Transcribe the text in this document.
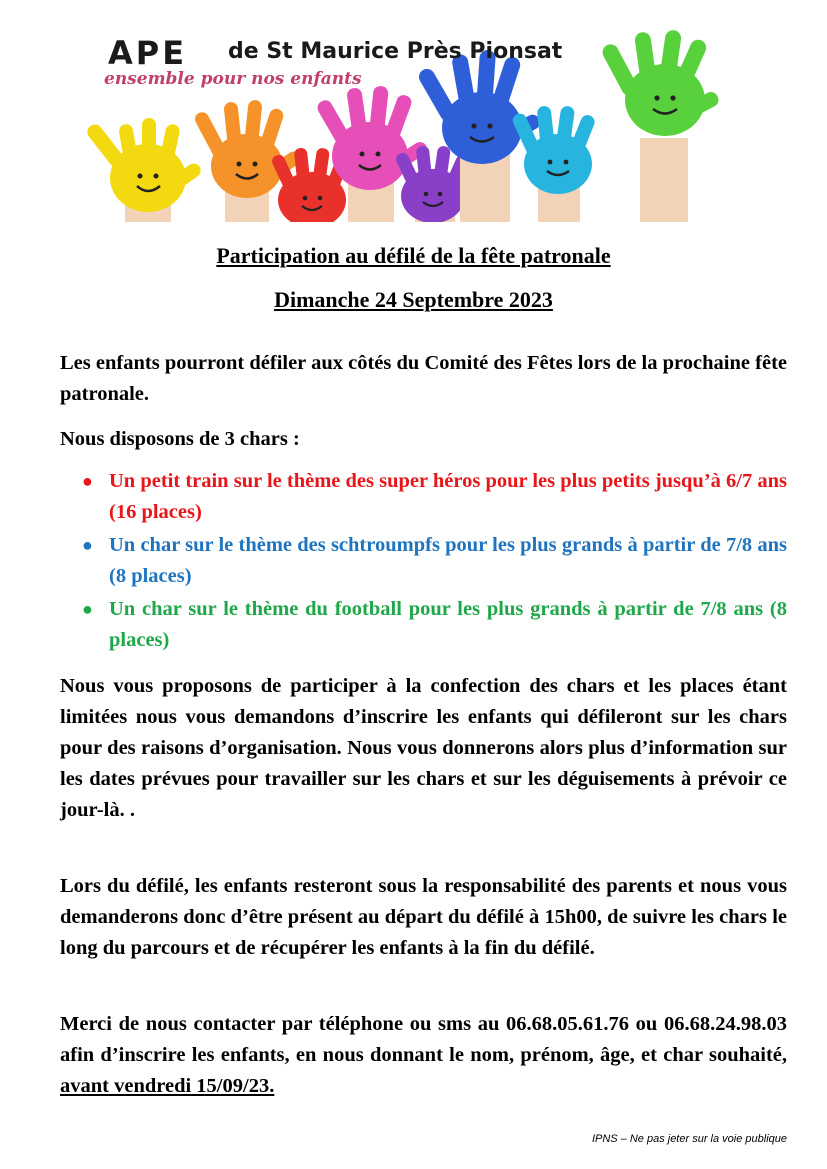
APE de St Maurice Près Pionsat
ensemble pour nos enfants
Participation au défilé de la fête patronale
Dimanche 24 Septembre 2023

Les enfants pourront défiler aux côtés du Comité des Fêtes lors de la prochaine fête patronale.

Nous disposons de 3 chars :

● Un petit train sur le thème des super héros pour les plus petits jusqu’à 6/7 ans (16 places)
● Un char sur le thème des schtroumpfs pour les plus grands à partir de 7/8 ans (8 places)
● Un char sur le thème du football pour les plus grands à partir de 7/8 ans (8 places)

Nous vous proposons de participer à la confection des chars et les places étant limitées nous vous demandons d’inscrire les enfants qui défileront sur les chars pour des raisons d’organisation. Nous vous donnerons alors plus d’information sur les dates prévues pour travailler sur les chars et sur les déguisements à prévoir ce jour-là. .

Lors du défilé, les enfants resteront sous la responsabilité des parents et nous vous demanderons donc d’être présent au départ du défilé à 15h00, de suivre les chars le long du parcours et de récupérer les enfants à la fin du défilé.

Merci de nous contacter par téléphone ou sms au 06.68.05.61.76 ou 06.68.24.98.03 afin d’inscrire les enfants, en nous donnant le nom, prénom, âge, et char souhaité, avant vendredi 15/09/23.

IPNS – Ne pas jeter sur la voie publique
